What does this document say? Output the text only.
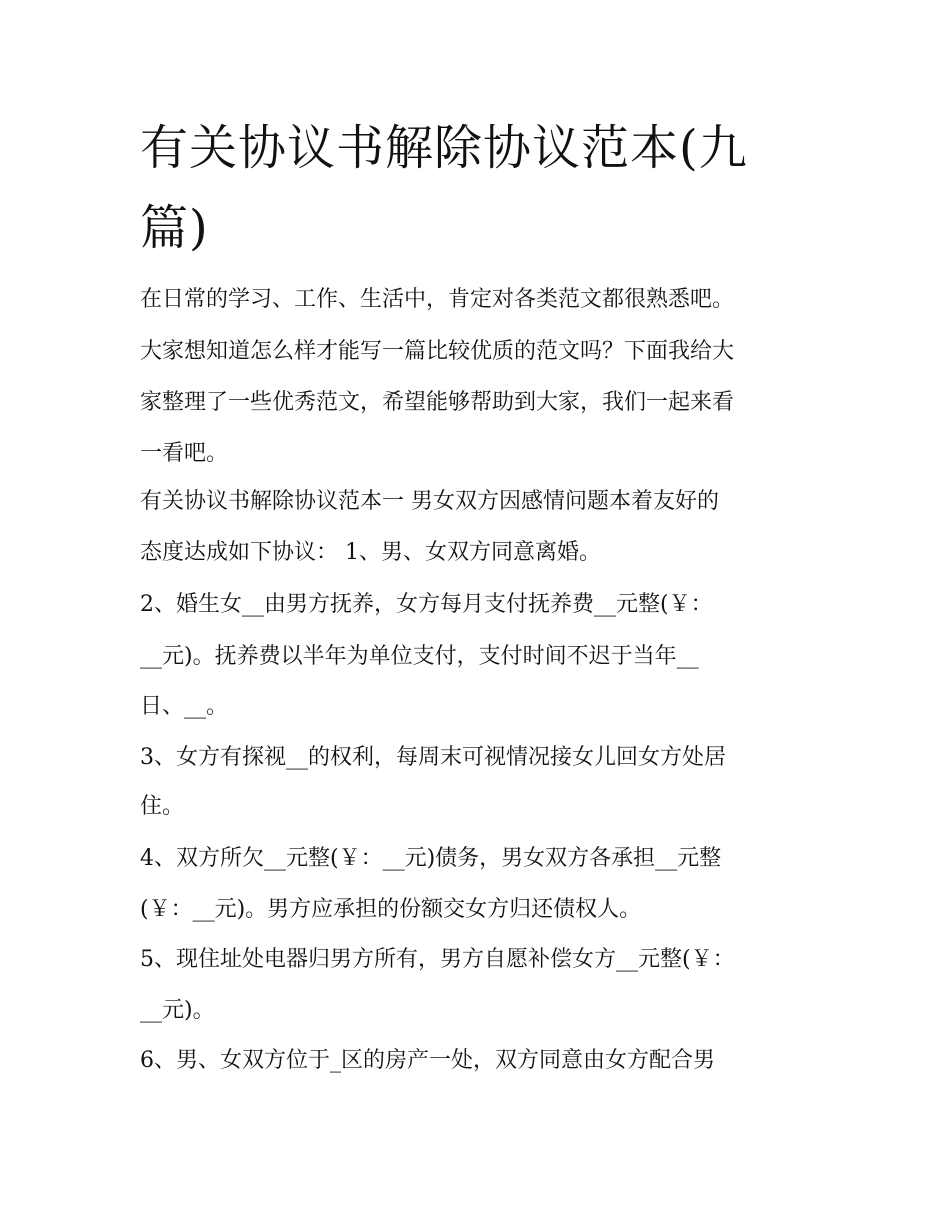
有关协议书解除协议范本(九
篇)
在日常的学习、工作、生活中，肯定对各类范文都很熟悉吧。
大家想知道怎么样才能写一篇比较优质的范文吗？下面我给大
家整理了一些优秀范文，希望能够帮助到大家，我们一起来看
一看吧。
有关协议书解除协议范本一 男女双方因感情问题本着友好的
态度达成如下协议： 1、男、女双方同意离婚。
2、婚生女__由男方抚养，女方每月支付抚养费__元整(￥：
__元)。抚养费以半年为单位支付，支付时间不迟于当年__
日、__。
3、女方有探视__的权利，每周末可视情况接女儿回女方处居
住。
4、双方所欠__元整(￥：__元)债务，男女双方各承担__元整
(￥：__元)。男方应承担的份额交女方归还债权人。
5、现住址处电器归男方所有，男方自愿补偿女方__元整(￥：
__元)。
6、男、女双方位于_区的房产一处，双方同意由女方配合男
